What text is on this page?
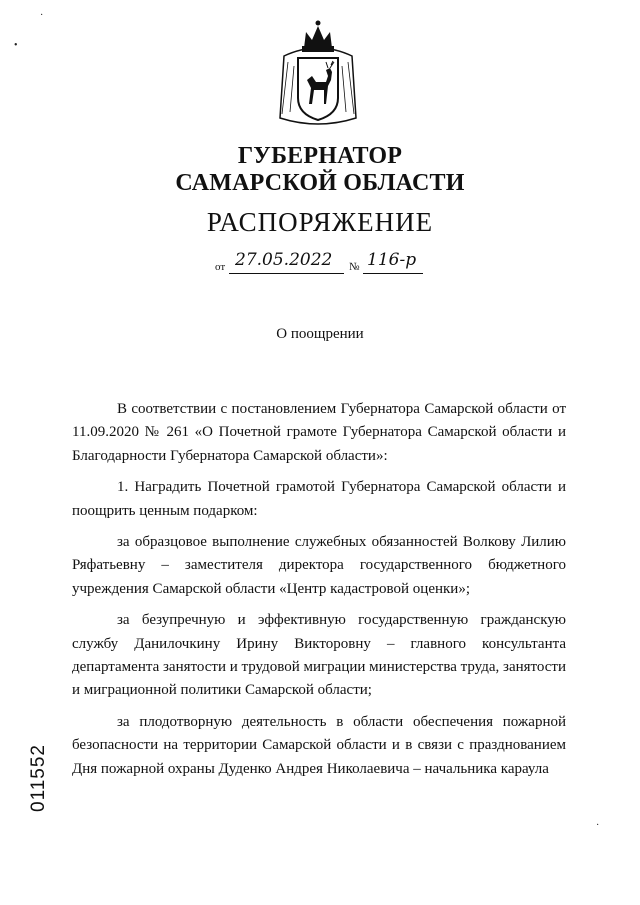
ГУБЕРНАТОР
САМАРСКОЙ ОБЛАСТИ
РАСПОРЯЖЕНИЕ
от 27.05.2022 № 116-р
О поощрении

В соответствии с постановлением Губернатора Самарской области от 11.09.2020 № 261 «О Почетной грамоте Губернатора Самарской области и Благодарности Губернатора Самарской области»:

1. Наградить Почетной грамотой Губернатора Самарской области и поощрить ценным подарком:

за образцовое выполнение служебных обязанностей Волкову Лилию Ряфатьевну – заместителя директора государственного бюджетного учреждения Самарской области «Центр кадастровой оценки»;

за безупречную и эффективную государственную гражданскую службу Данилочкину Ирину Викторовну – главного консультанта департамента занятости и трудовой миграции министерства труда, занятости и миграционной политики Самарской области;

за плодотворную деятельность в области обеспечения пожарной безопасности на территории Самарской области и в связи с празднованием Дня пожарной охраны Дуденко Андрея Николаевича – начальника караула

011552
·
•
·
